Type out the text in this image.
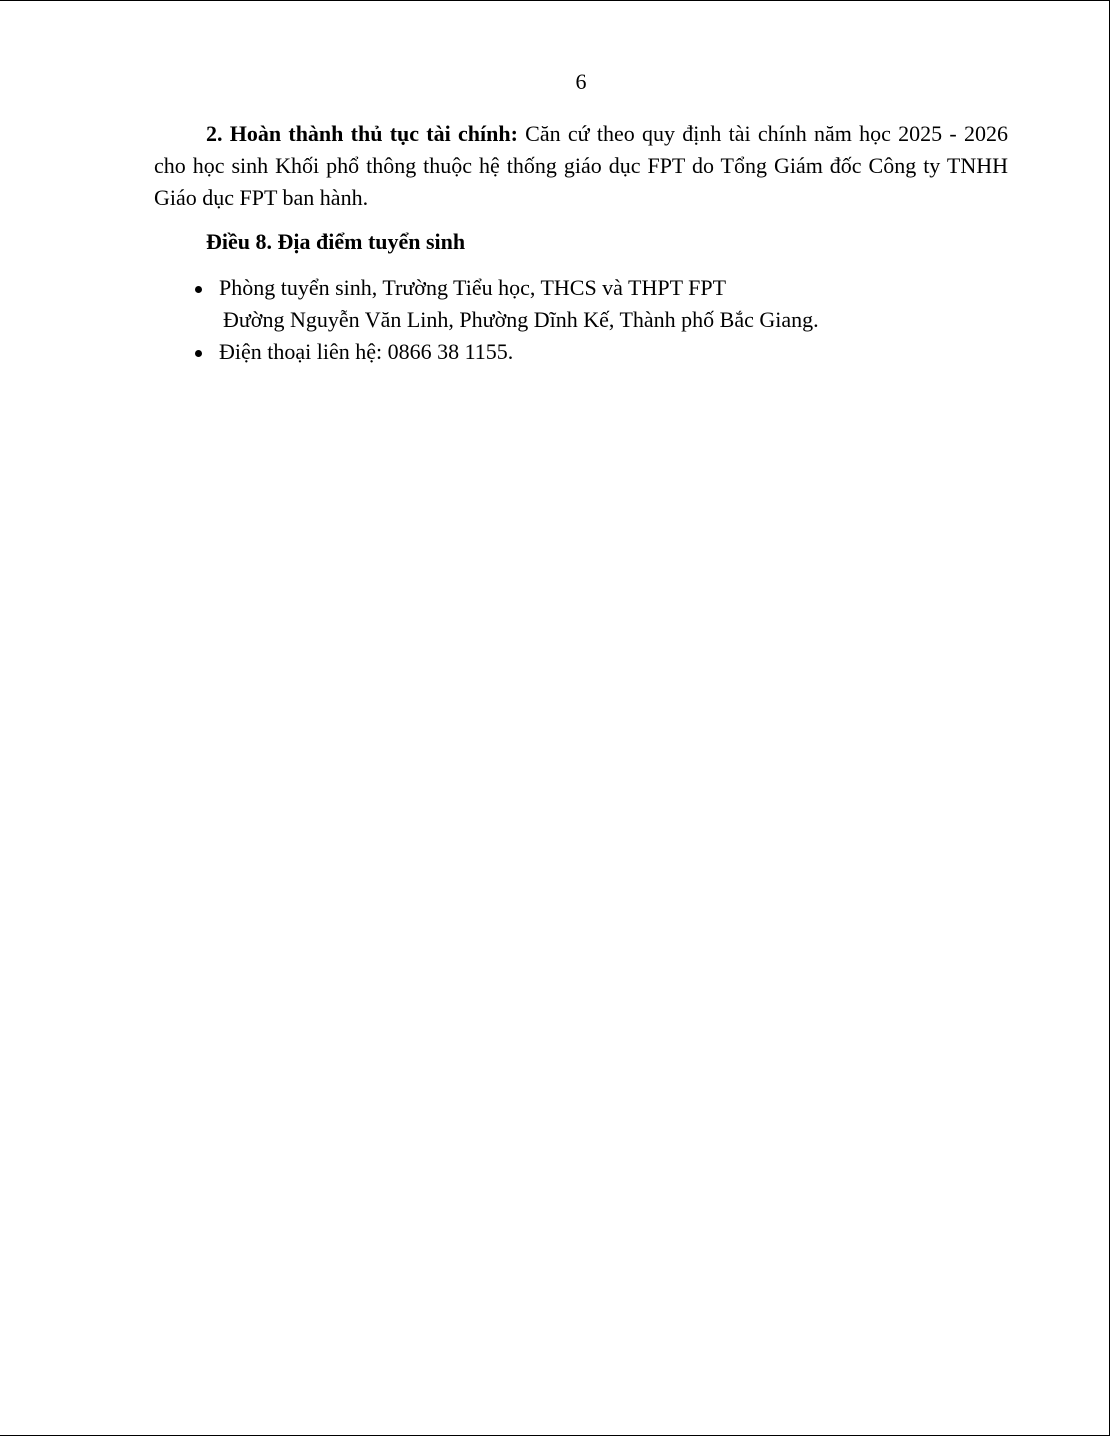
6

2. Hoàn thành thủ tục tài chính: Căn cứ theo quy định tài chính năm học 2025 - 2026 cho học sinh Khối phổ thông thuộc hệ thống giáo dục FPT do Tổng Giám đốc Công ty TNHH Giáo dục FPT ban hành.

Điều 8. Địa điểm tuyển sinh
Phòng tuyển sinh, Trường Tiểu học, THCS và THPT FPT
Đường Nguyễn Văn Linh, Phường Dĩnh Kế, Thành phố Bắc Giang.
Điện thoại liên hệ: 0866 38 1155.
